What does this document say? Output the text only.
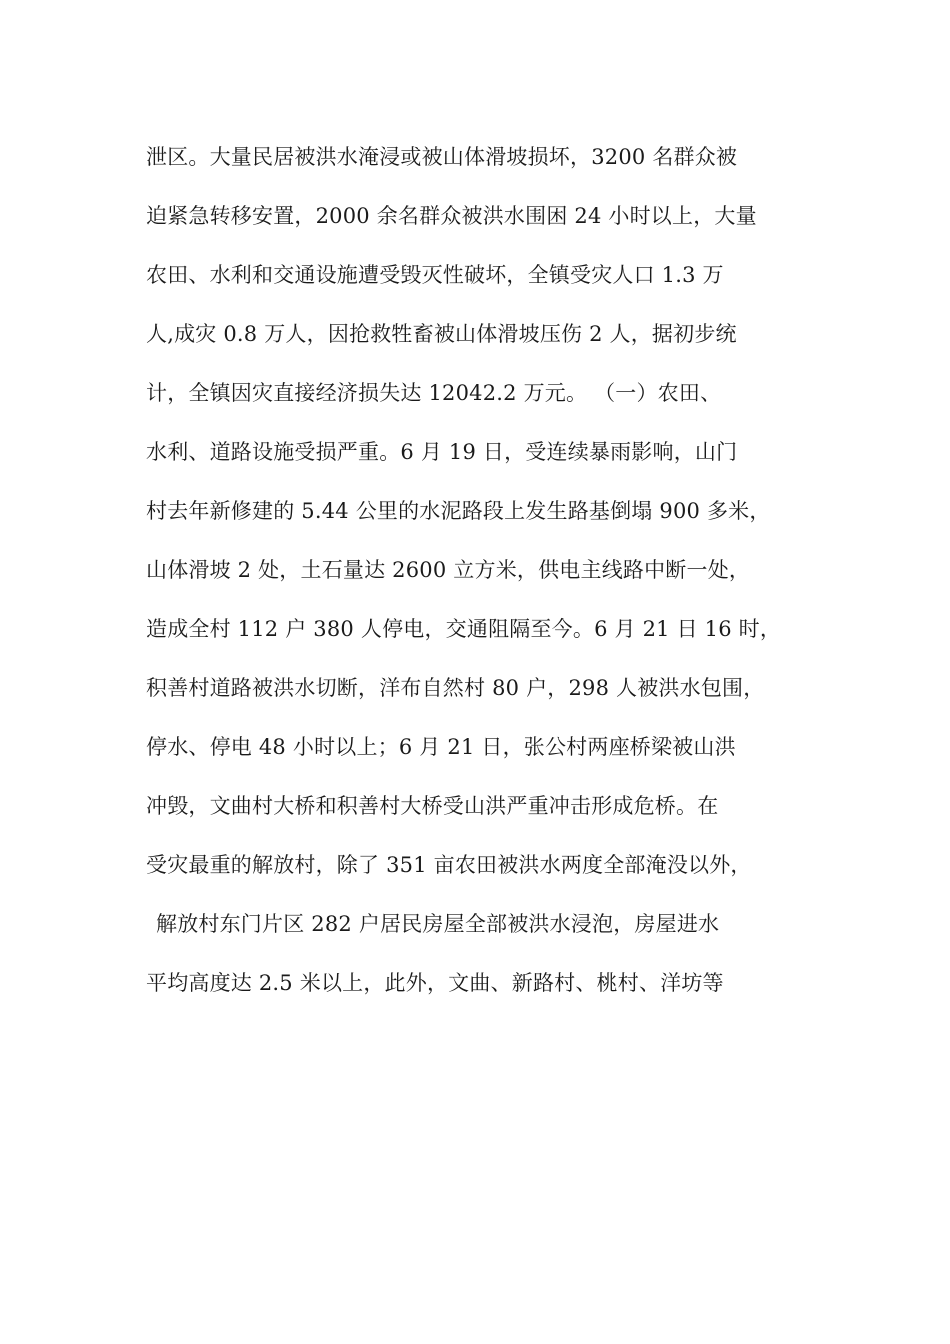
泄区。大量民居被洪水淹浸或被山体滑坡损坏，3200 名群众被
迫紧急转移安置，2000 余名群众被洪水围困 24 小时以上，大量
农田、水利和交通设施遭受毁灭性破坏，全镇受灾人口 1.3 万
人,成灾 0.8 万人，因抢救牲畜被山体滑坡压伤 2 人，据初步统
计，全镇因灾直接经济损失达 12042.2 万元。 （一）农田、
水利、道路设施受损严重。6 月 19 日，受连续暴雨影响，山门
村去年新修建的 5.44 公里的水泥路段上发生路基倒塌 900 多米，
山体滑坡 2 处，土石量达 2600 立方米，供电主线路中断一处，
造成全村 112 户 380 人停电，交通阻隔至今。6 月 21 日 16 时，
积善村道路被洪水切断，洋布自然村 80 户，298 人被洪水包围，
停水、停电 48 小时以上；6 月 21 日，张公村两座桥梁被山洪
冲毁，文曲村大桥和积善村大桥受山洪严重冲击形成危桥。在
受灾最重的解放村，除了 351 亩农田被洪水两度全部淹没以外，
解放村东门片区 282 户居民房屋全部被洪水浸泡，房屋进水
平均高度达 2.5 米以上，此外，文曲、新路村、桃村、洋坊等
